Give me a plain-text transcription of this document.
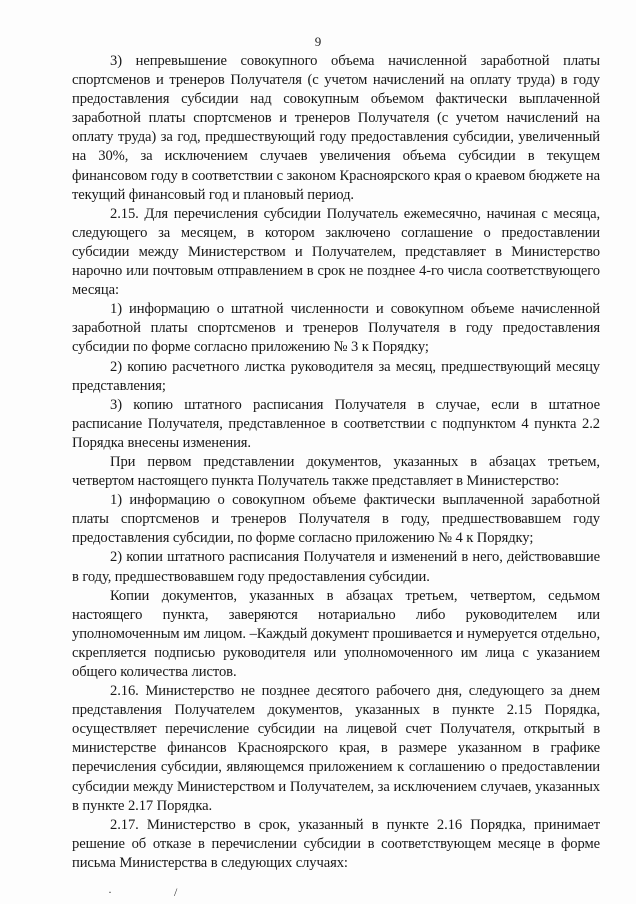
9

3) непревышение совокупного объема начисленной заработной платы спортсменов и тренеров Получателя (с учетом начислений на оплату труда) в году предоставления субсидии над совокупным объемом фактически выплаченной заработной платы спортсменов и тренеров Получателя (с учетом начислений на оплату труда) за год, предшествующий году предоставления субсидии, увеличенный на 30%, за исключением случаев увеличения объема субсидии в текущем финансовом году в соответствии с законом Красноярского края о краевом бюджете на текущий финансовый год и плановый период.

2.15. Для перечисления субсидии Получатель ежемесячно, начиная с месяца, следующего за месяцем, в котором заключено соглашение о предоставлении субсидии между Министерством и Получателем, представляет в Министерство нарочно или почтовым отправлением в срок не позднее 4-го числа соответствующего месяца:

1) информацию о штатной численности и совокупном объеме начисленной заработной платы спортсменов и тренеров Получателя в году предоставления субсидии по форме согласно приложению № 3 к Порядку;

2) копию расчетного листка руководителя за месяц, предшествующий месяцу представления;

3) копию штатного расписания Получателя в случае, если в штатное расписание Получателя, представленное в соответствии с подпунктом 4 пункта 2.2 Порядка внесены изменения.

При первом представлении документов, указанных в абзацах третьем, четвертом настоящего пункта Получатель также представляет в Министерство:

1) информацию о совокупном объеме фактически выплаченной заработной платы спортсменов и тренеров Получателя в году, предшествовавшем году предоставления субсидии, по форме согласно приложению № 4 к Порядку;

2) копии штатного расписания Получателя и изменений в него, действовавшие в году, предшествовавшем году предоставления субсидии.

Копии документов, указанных в абзацах третьем, четвертом, седьмом настоящего пункта, заверяются нотариально либо руководителем или уполномоченным им лицом. –Каждый документ прошивается и нумеруется отдельно, скрепляется подписью руководителя или уполномоченного им лица с указанием общего количества листов.

2.16. Министерство не позднее десятого рабочего дня, следующего за днем представления Получателем документов, указанных в пункте 2.15 Порядка, осуществляет перечисление субсидии на лицевой счет Получателя, открытый в министерстве финансов Красноярского края, в размере указанном в графике перечисления субсидии, являющемся приложением к соглашению о предоставлении субсидии между Министерством и Получателем, за исключением случаев, указанных в пункте 2.17 Порядка.

2.17. Министерство в срок, указанный в пункте 2.16 Порядка, принимает решение об отказе в перечислении субсидии в соответствующем месяце в форме письма Министерства в следующих случаях:

·	/
